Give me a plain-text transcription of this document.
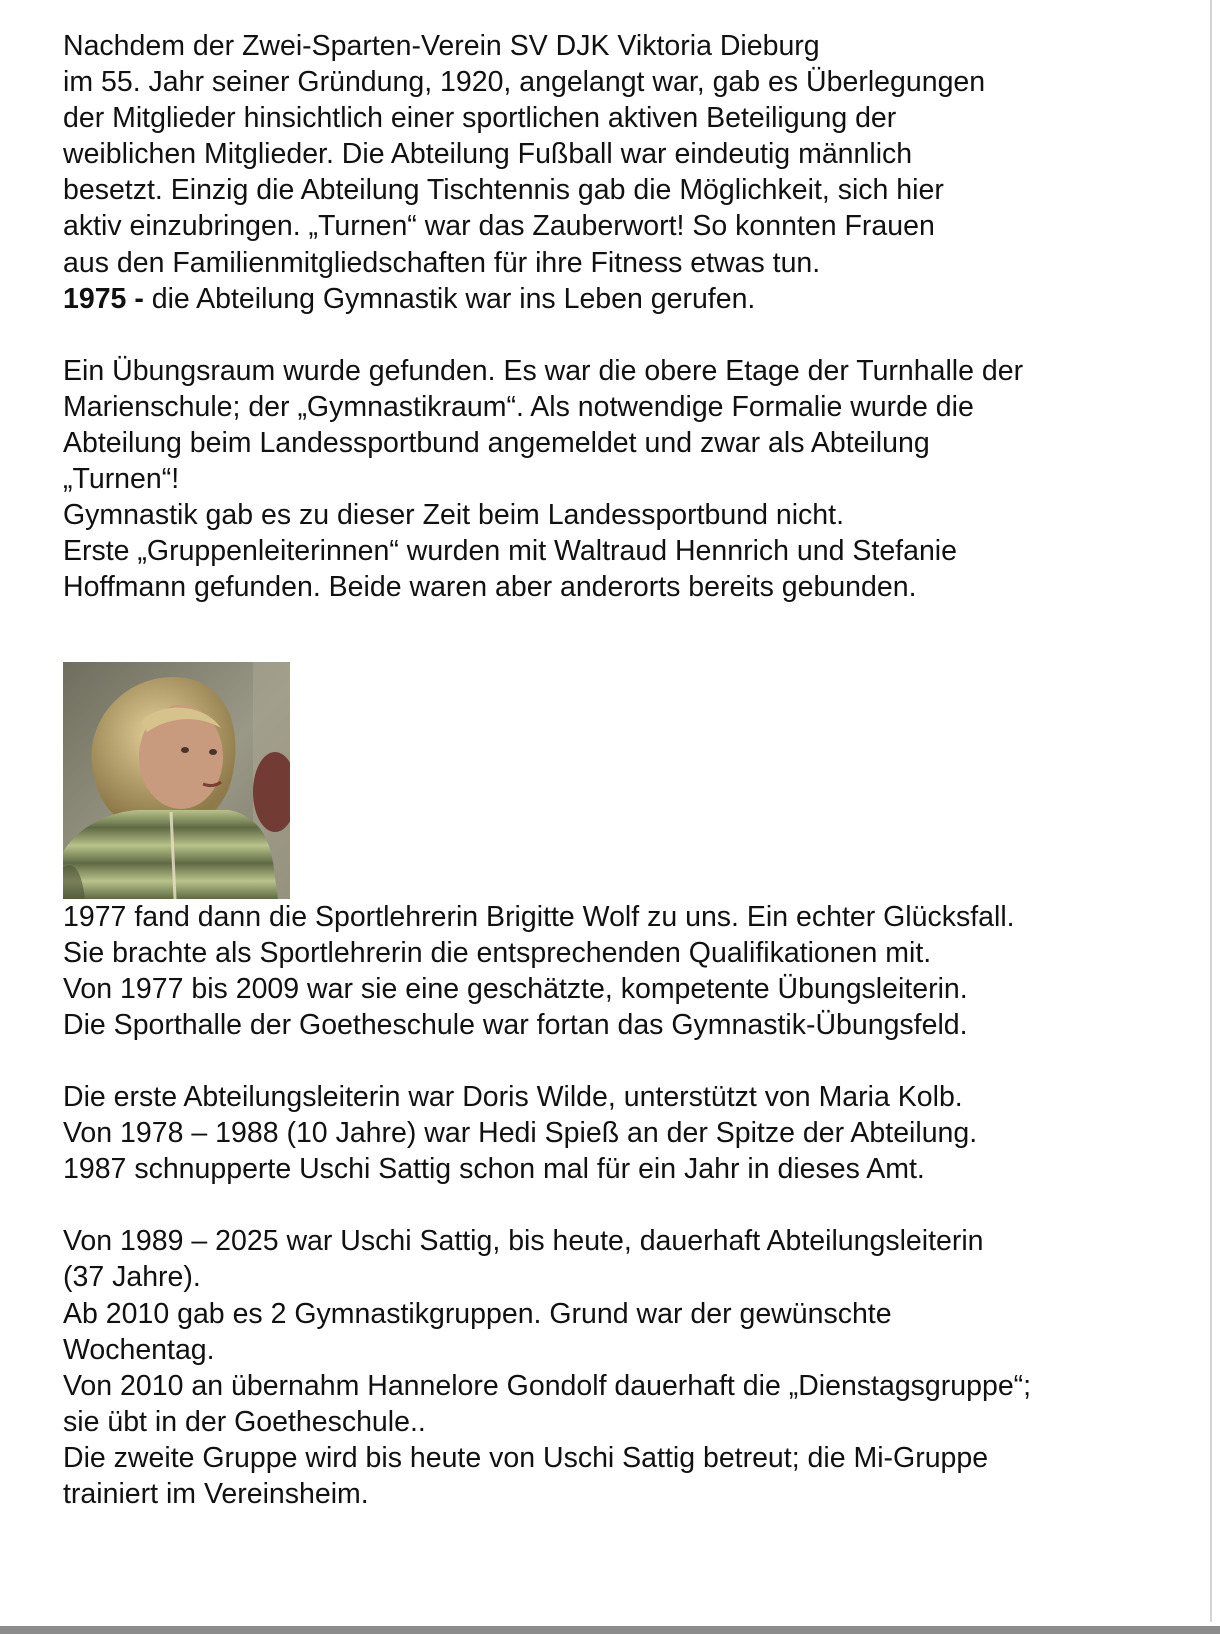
Nachdem der Zwei-Sparten-Verein SV DJK Viktoria Dieburg
im 55. Jahr seiner Gründung, 1920, angelangt war, gab es Überlegungen
der Mitglieder hinsichtlich einer sportlichen aktiven Beteiligung der
weiblichen Mitglieder. Die Abteilung Fußball war eindeutig männlich
besetzt. Einzig die Abteilung Tischtennis gab die Möglichkeit, sich hier
aktiv einzubringen. „Turnen“ war das Zauberwort! So konnten Frauen
aus den Familienmitgliedschaften für ihre Fitness etwas tun.
1975 - die Abteilung Gymnastik war ins Leben gerufen.
Ein Übungsraum wurde gefunden. Es war die obere Etage der Turnhalle der
Marienschule; der „Gymnastikraum“. Als notwendige Formalie wurde die
Abteilung beim Landessportbund angemeldet und zwar als Abteilung
„Turnen“!
Gymnastik gab es zu dieser Zeit beim Landessportbund nicht.
Erste „Gruppenleiterinnen“ wurden mit Waltraud Hennrich und Stefanie
Hoffmann gefunden. Beide waren aber anderorts bereits gebunden.
1977 fand dann die Sportlehrerin Brigitte Wolf zu uns. Ein echter Glücksfall.
Sie brachte als Sportlehrerin die entsprechenden Qualifikationen mit.
Von 1977 bis 2009 war sie eine geschätzte, kompetente Übungsleiterin.
Die Sporthalle der Goetheschule war fortan das Gymnastik-Übungsfeld.
Die erste Abteilungsleiterin war Doris Wilde, unterstützt von Maria Kolb.
Von 1978 – 1988 (10 Jahre) war Hedi Spieß an der Spitze der Abteilung.
1987 schnupperte Uschi Sattig schon mal für ein Jahr in dieses Amt.
Von 1989 – 2025 war Uschi Sattig, bis heute, dauerhaft Abteilungsleiterin
(37 Jahre).
Ab 2010 gab es 2 Gymnastikgruppen. Grund war der gewünschte
Wochentag.
Von 2010 an übernahm Hannelore Gondolf dauerhaft die „Dienstagsgruppe“;
sie übt in der Goetheschule..
Die zweite Gruppe wird bis heute von Uschi Sattig betreut; die Mi-Gruppe
trainiert im Vereinsheim.
